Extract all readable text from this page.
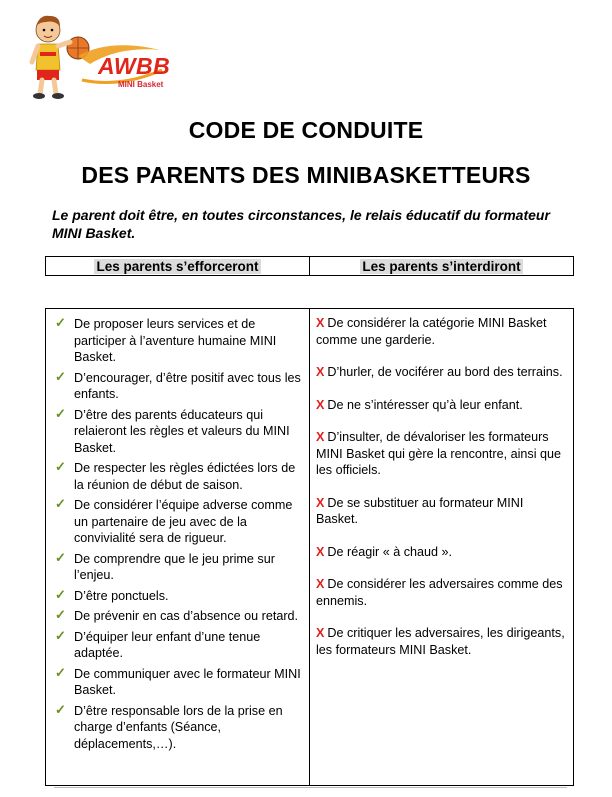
AWBB
MINI Basket
CODE DE CONDUITE
DES PARENTS DES MINIBASKETTEURS
Le parent doit être, en toutes circonstances, le relais éducatif du formateur MINI Basket.
Les parents s’efforceront	Les parents s’interdiront
✓ De proposer leurs services et de participer à l’aventure humaine MINI Basket.
✓ D’encourager, d’être positif avec tous les enfants.
✓ D’être des parents éducateurs qui relaieront les règles et valeurs du MINI Basket.
✓ De respecter les règles édictées lors de la réunion de début de saison.
✓ De considérer l’équipe adverse comme un partenaire de jeu avec de la convivialité sera de rigueur.
✓ De comprendre que le jeu prime sur l’enjeu.
✓ D’être ponctuels.
✓ De prévenir en cas d’absence ou retard.
✓ D’équiper leur enfant d’une tenue adaptée.
✓ De communiquer avec le formateur MINI Basket.
✓ D’être responsable lors de la prise en charge d’enfants (Séance, déplacements,…).
X De considérer la catégorie MINI Basket comme une garderie.
X D’hurler, de vociférer au bord des terrains.
X De ne s’intéresser qu’à leur enfant.
X D’insulter, de dévaloriser les formateurs MINI Basket qui gère la rencontre, ainsi que les officiels.
X De se substituer au formateur MINI Basket.
X De réagir « à chaud ».
X De considérer les adversaires comme des ennemis.
X De critiquer les adversaires, les dirigeants, les formateurs MINI Basket.
